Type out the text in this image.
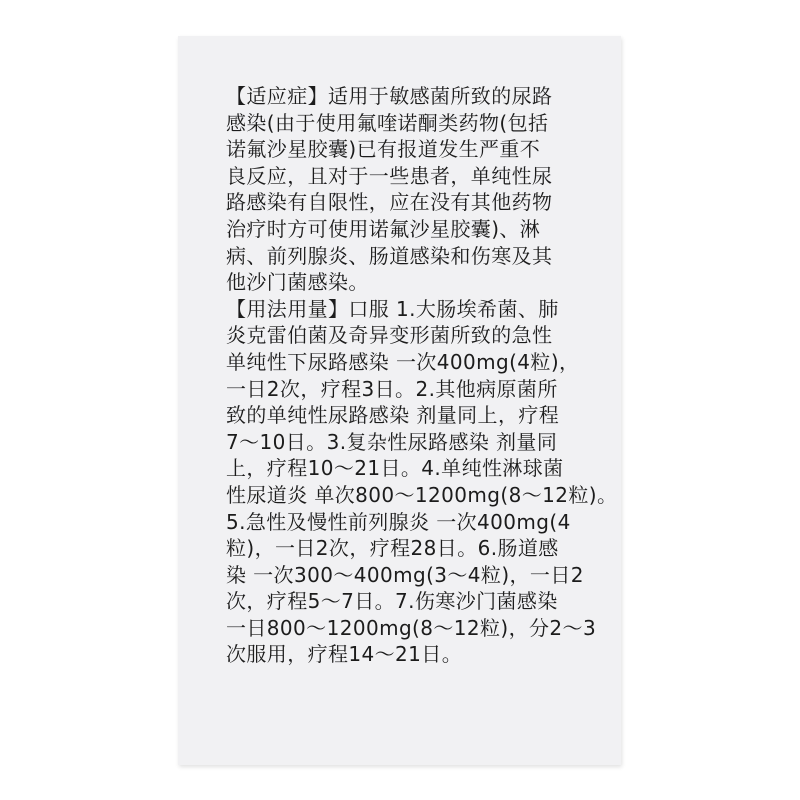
【适应症】适用于敏感菌所致的尿路
感染(由于使用氟喹诺酮类药物(包括
诺氟沙星胶囊)已有报道发生严重不
良反应，且对于一些患者，单纯性尿
路感染有自限性，应在没有其他药物
治疗时方可使用诺氟沙星胶囊)、淋
病、前列腺炎、肠道感染和伤寒及其
他沙门菌感染。
【用法用量】口服 1.大肠埃希菌、肺
炎克雷伯菌及奇异变形菌所致的急性
单纯性下尿路感染 一次400mg(4粒)，
一日2次，疗程3日。2.其他病原菌所
致的单纯性尿路感染 剂量同上，疗程
7～10日。3.复杂性尿路感染 剂量同
上，疗程10～21日。4.单纯性淋球菌
性尿道炎 单次800～1200mg(8～12粒)。
5.急性及慢性前列腺炎 一次400mg(4
粒)，一日2次，疗程28日。6.肠道感
染 一次300～400mg(3～4粒)，一日2
次，疗程5～7日。7.伤寒沙门菌感染
一日800～1200mg(8～12粒)，分2～3
次服用，疗程14～21日。
